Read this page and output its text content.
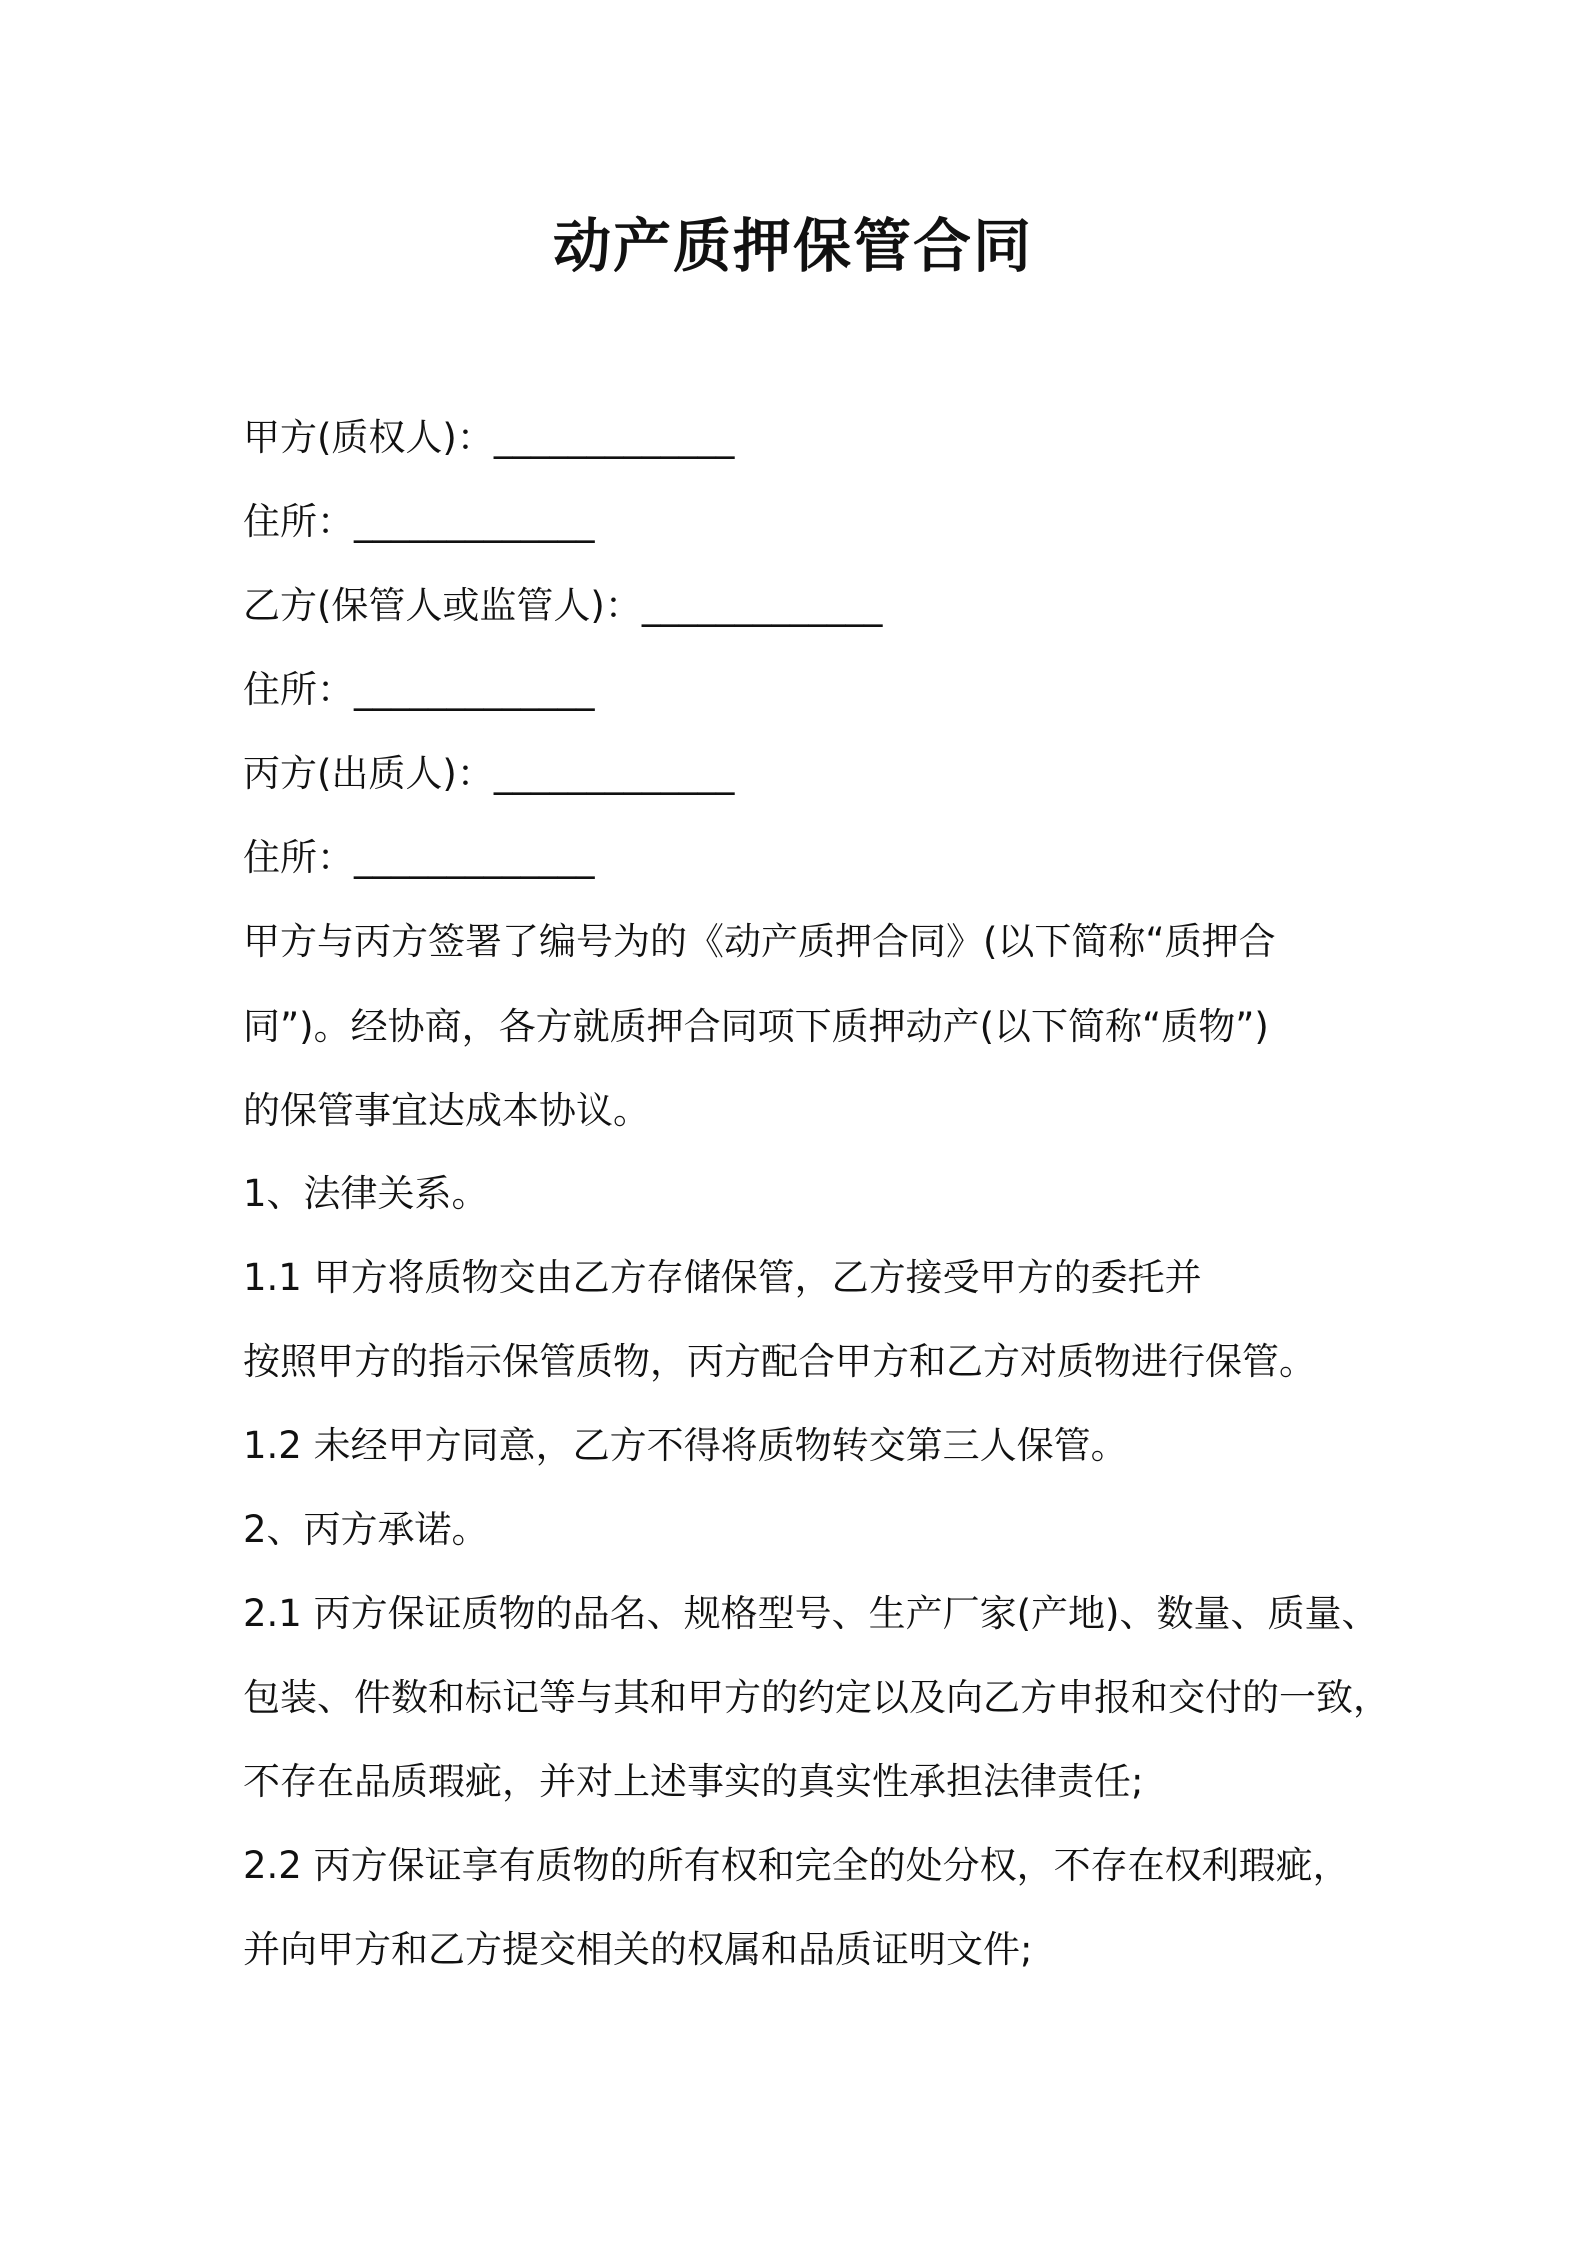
动产质押保管合同
甲方(质权人)：_____________
住所：_____________
乙方(保管人或监管人)：_____________
住所：_____________
丙方(出质人)：_____________
住所：_____________
甲方与丙方签署了编号为的《动产质押合同》(以下简称“质押合
同”)。经协商，各方就质押合同项下质押动产(以下简称“质物”)
的保管事宜达成本协议。
1、法律关系。
1.1 甲方将质物交由乙方存储保管，乙方接受甲方的委托并
按照甲方的指示保管质物，丙方配合甲方和乙方对质物进行保管。
1.2 未经甲方同意，乙方不得将质物转交第三人保管。
2、丙方承诺。
2.1 丙方保证质物的品名、规格型号、生产厂家(产地)、数量、质量、
包装、件数和标记等与其和甲方的约定以及向乙方申报和交付的一致，
不存在品质瑕疵，并对上述事实的真实性承担法律责任;
2.2 丙方保证享有质物的所有权和完全的处分权，不存在权利瑕疵，
并向甲方和乙方提交相关的权属和品质证明文件;
